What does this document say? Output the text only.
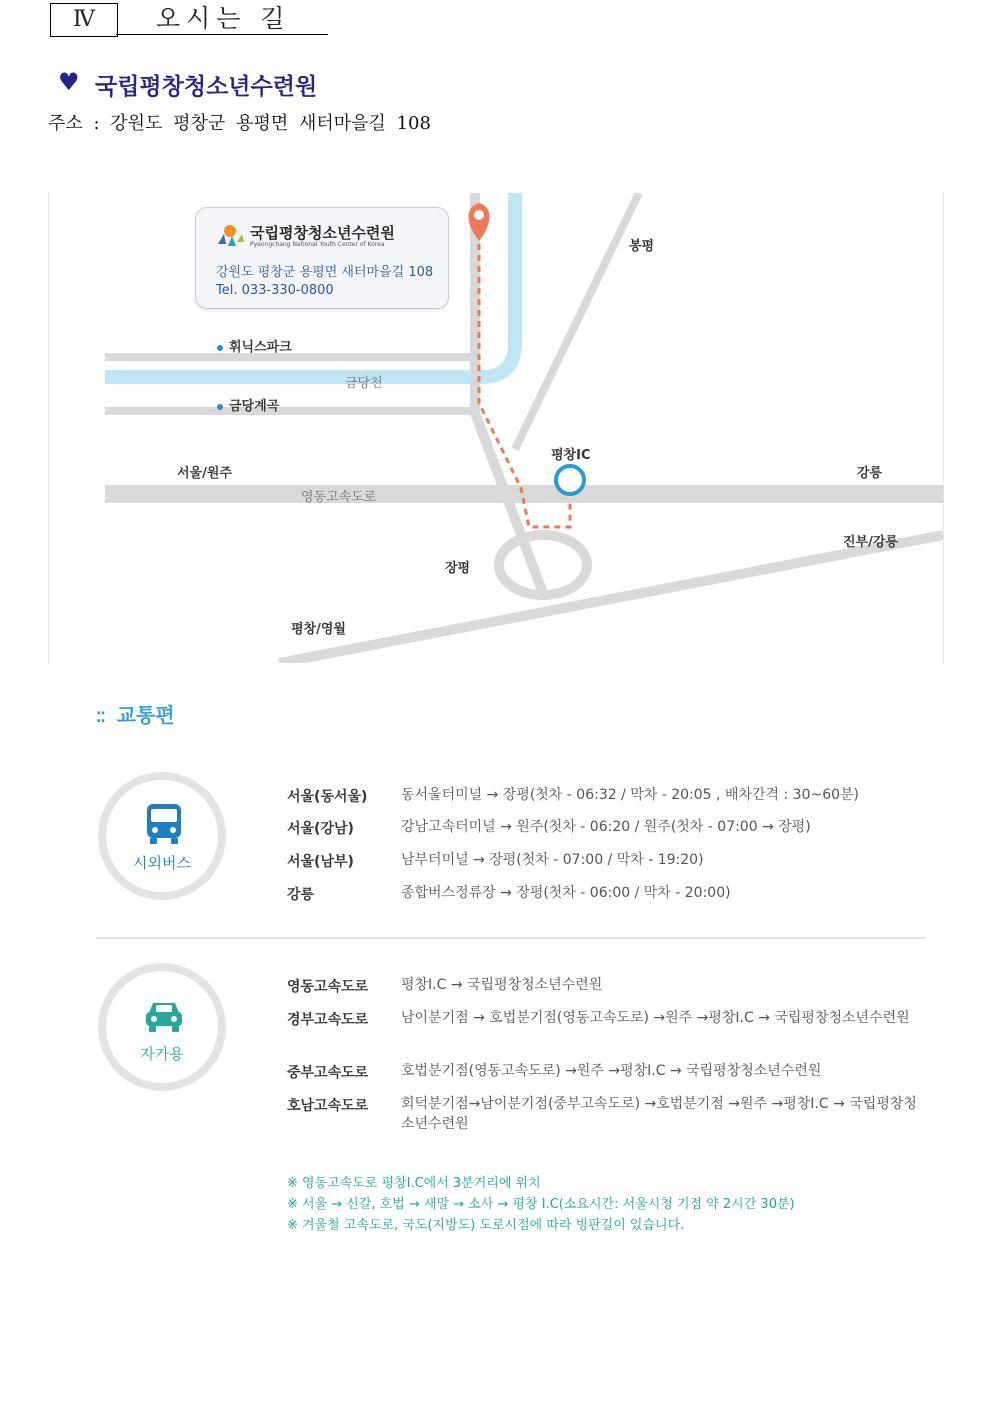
Ⅳ	오시는 길
♥ 국립평창청소년수련원
주소 : 강원도 평창군 용평면 새터마을길 108
국립평창청소년수련원
Pyeongchang National Youth Center of Korea
강원도 평창군 용평면 새터마을길 108
Tel. 033-330-0800
휘닉스파크
금당계곡
금당천
봉평
평창IC
서울/원주
영동고속도로
강릉
진부/강릉
장평
평창/영월
⁚⁚ 교통편
시외버스
서울(동서울) 동서울터미널 → 장평(첫차 - 06:32 / 막차 - 20:05 , 배차간격 : 30~60분)
서울(강남)	강남고속터미널 → 원주(첫차 - 06:20 / 원주(첫차 - 07:00 → 장평)
서울(남부)	남부터미널 → 장평(첫차 - 07:00 / 막차 - 19:20)
강릉	종합버스정류장 → 장평(첫차 - 06:00 / 막차 - 20:00)
자가용
영동고속도로 평창I.C → 국립평창청소년수련원
경부고속도로 남이분기점 → 호법분기점(영동고속도로) →원주 →평창I.C → 국립평창청소년수련원
중부고속도로 호법분기점(영동고속도로) →원주 →평창I.C → 국립평창청소년수련원
호남고속도로 회덕분기점→남이분기점(중부고속도로) →호법분기점 →원주 →평창I.C → 국립평창청소년수련원
※ 영동고속도로 평창I.C에서 3분거리에 위치
※ 서울 → 신갈, 호법 → 새말 → 소사 → 평창 I.C(소요시간: 서울시청 기점 약 2시간 30분)
※ 겨울철 고속도로, 국도(지방도) 도로시점에 따라 빙판길이 있습니다.
